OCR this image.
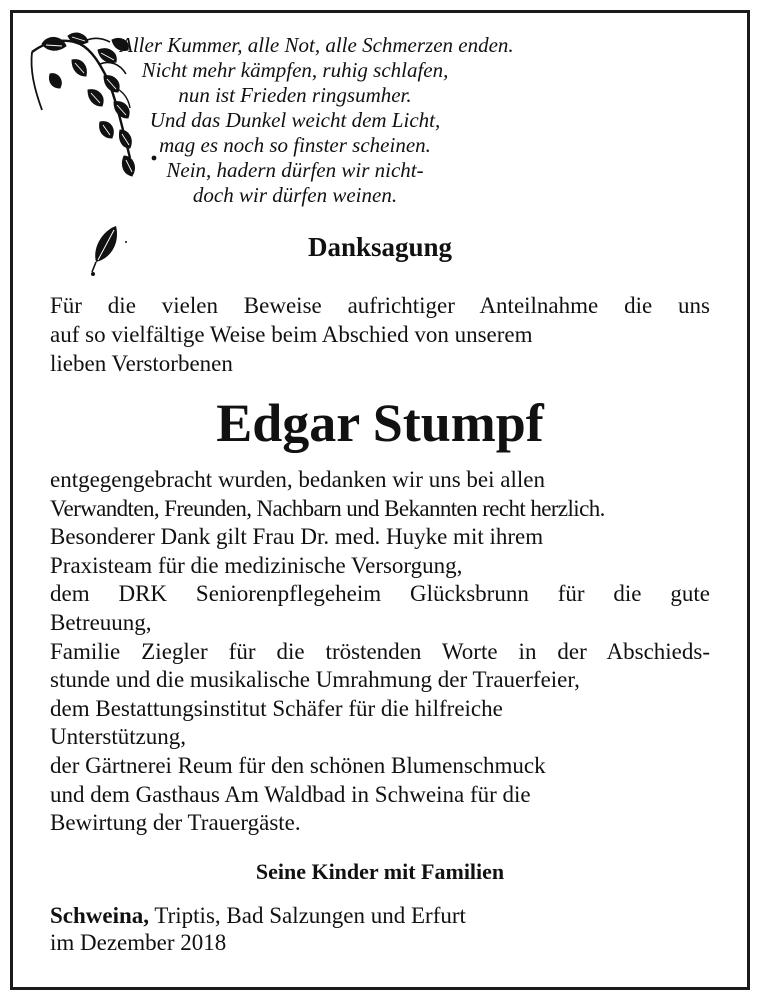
Aller Kummer, alle Not, alle Schmerzen enden.
Nicht mehr kämpfen, ruhig schlafen,
nun ist Frieden ringsumher.
Und das Dunkel weicht dem Licht,
mag es noch so finster scheinen.
Nein, hadern dürfen wir nicht-
doch wir dürfen weinen.
Danksagung
Für die vielen Beweise aufrichtiger Anteilnahme die uns
auf so vielfältige Weise beim Abschied von unserem
lieben Verstorbenen
Edgar Stumpf
entgegengebracht wurden, bedanken wir uns bei allen
Verwandten, Freunden, Nachbarn und Bekannten recht herzlich.
Besonderer Dank gilt Frau Dr. med. Huyke mit ihrem
Praxisteam für die medizinische Versorgung,
dem DRK Seniorenpflegeheim Glücksbrunn für die gute
Betreuung,
Familie Ziegler für die tröstenden Worte in der Abschieds-
stunde und die musikalische Umrahmung der Trauerfeier,
dem Bestattungsinstitut Schäfer für die hilfreiche
Unterstützung,
der Gärtnerei Reum für den schönen Blumenschmuck
und dem Gasthaus Am Waldbad in Schweina für die
Bewirtung der Trauergäste.
Seine Kinder mit Familien
Schweina, Triptis, Bad Salzungen und Erfurt
im Dezember 2018
